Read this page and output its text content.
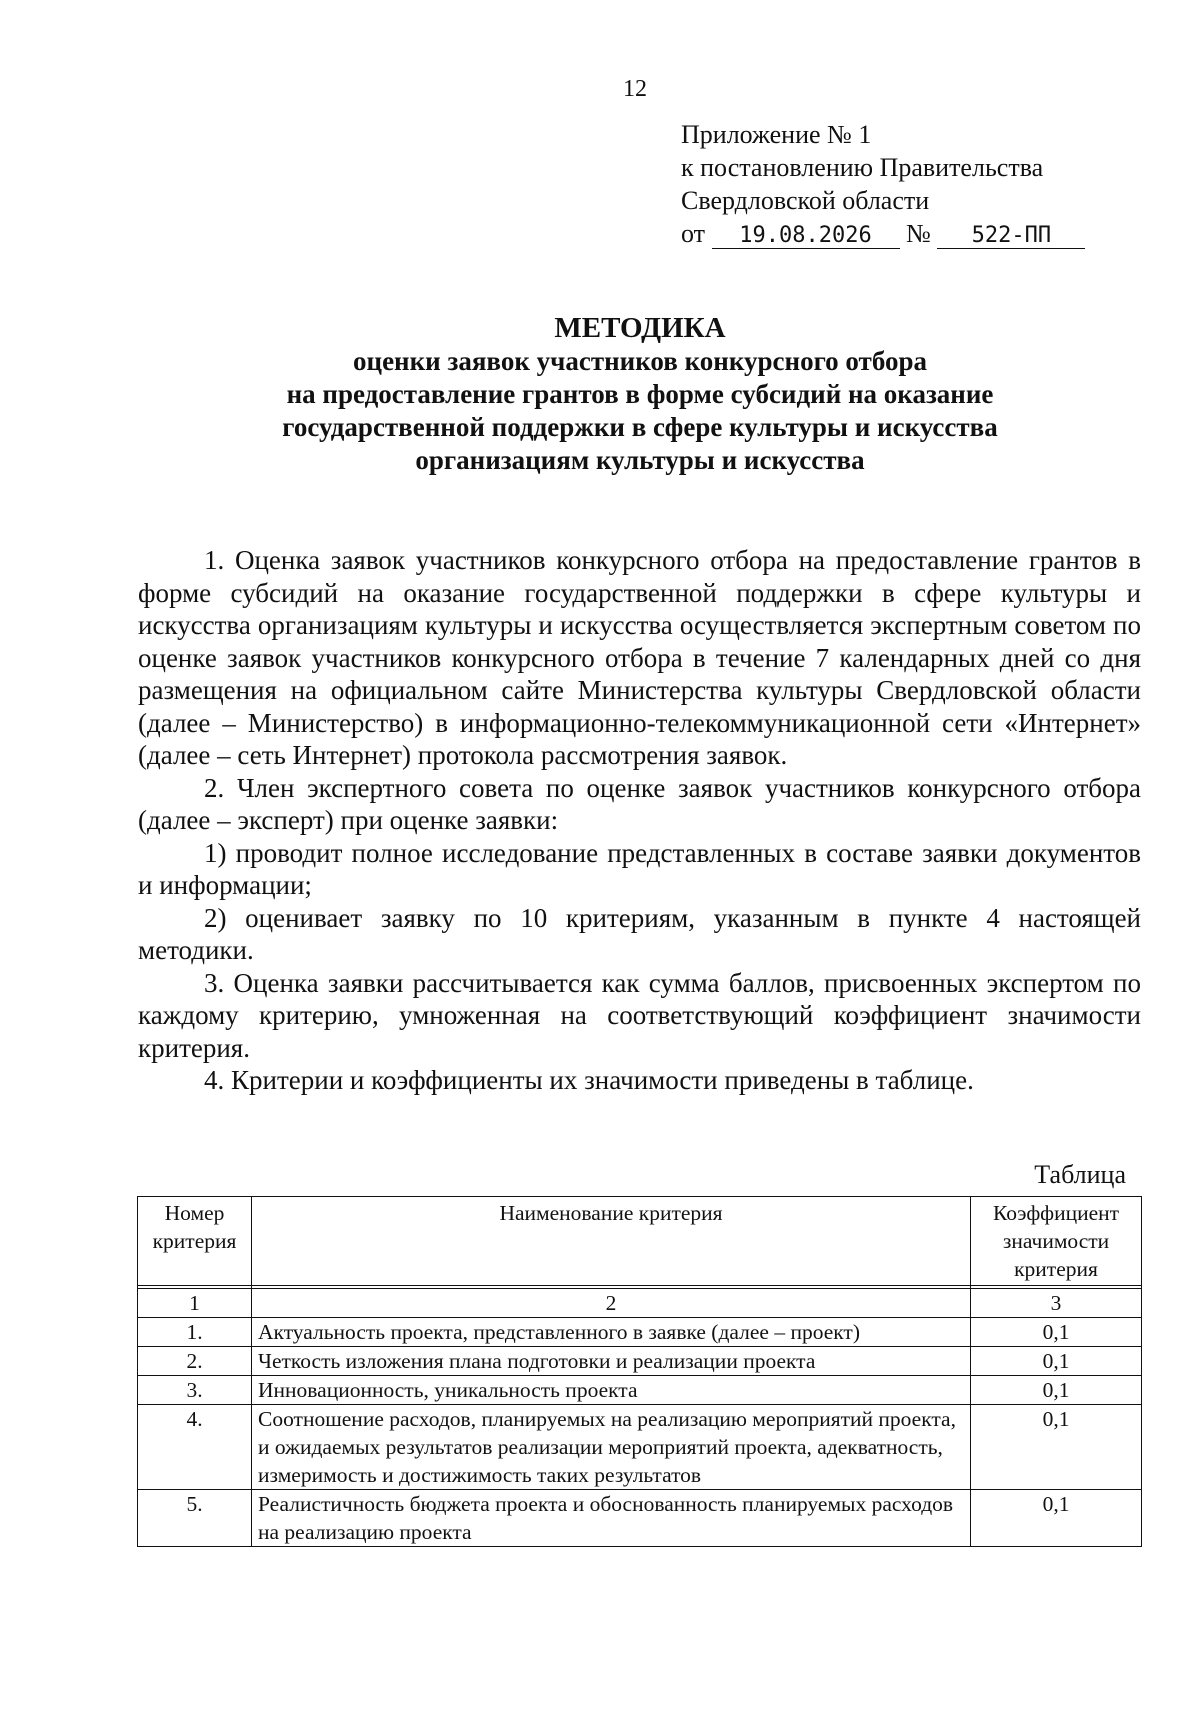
12
Приложение № 1
к постановлению Правительства
Свердловской области
от 19.08.2026 № 522-ПП
МЕТОДИКА
оценки заявок участников конкурсного отбора
на предоставление грантов в форме субсидий на оказание
государственной поддержки в сфере культуры и искусства
организациям культуры и искусства

1. Оценка заявок участников конкурсного отбора на предоставление грантов в форме субсидий на оказание государственной поддержки в сфере культуры и искусства организациям культуры и искусства осуществляется экспертным советом по оценке заявок участников конкурсного отбора в течение 7 календарных дней со дня размещения на официальном сайте Министерства культуры Свердловской области (далее – Министерство) в информационно-телекоммуникационной сети «Интернет» (далее – сеть Интернет) протокола рассмотрения заявок.

2. Член экспертного совета по оценке заявок участников конкурсного отбора (далее – эксперт) при оценке заявки:

1) проводит полное исследование представленных в составе заявки документов и информации;

2) оценивает заявку по 10 критериям, указанным в пункте 4 настоящей методики.

3. Оценка заявки рассчитывается как сумма баллов, присвоенных экспертом по каждому критерию, умноженная на соответствующий коэффициент значимости критерия.

4. Критерии и коэффициенты их значимости приведены в таблице.

Таблица
Номер критерия	Наименование критерия	Коэффициент значимости критерия

1	2	3
1.	Актуальность проекта, представленного в заявке (далее – проект)	0,1
2.	Четкость изложения плана подготовки и реализации проекта	0,1
3.	Инновационность, уникальность проекта	0,1
4.	Соотношение расходов, планируемых на реализацию мероприятий проекта, и ожидаемых результатов реализации мероприятий проекта, адекватность, измеримость и достижимость таких результатов	0,1
5.	Реалистичность бюджета проекта и обоснованность планируемых расходов на реализацию проекта	0,1
